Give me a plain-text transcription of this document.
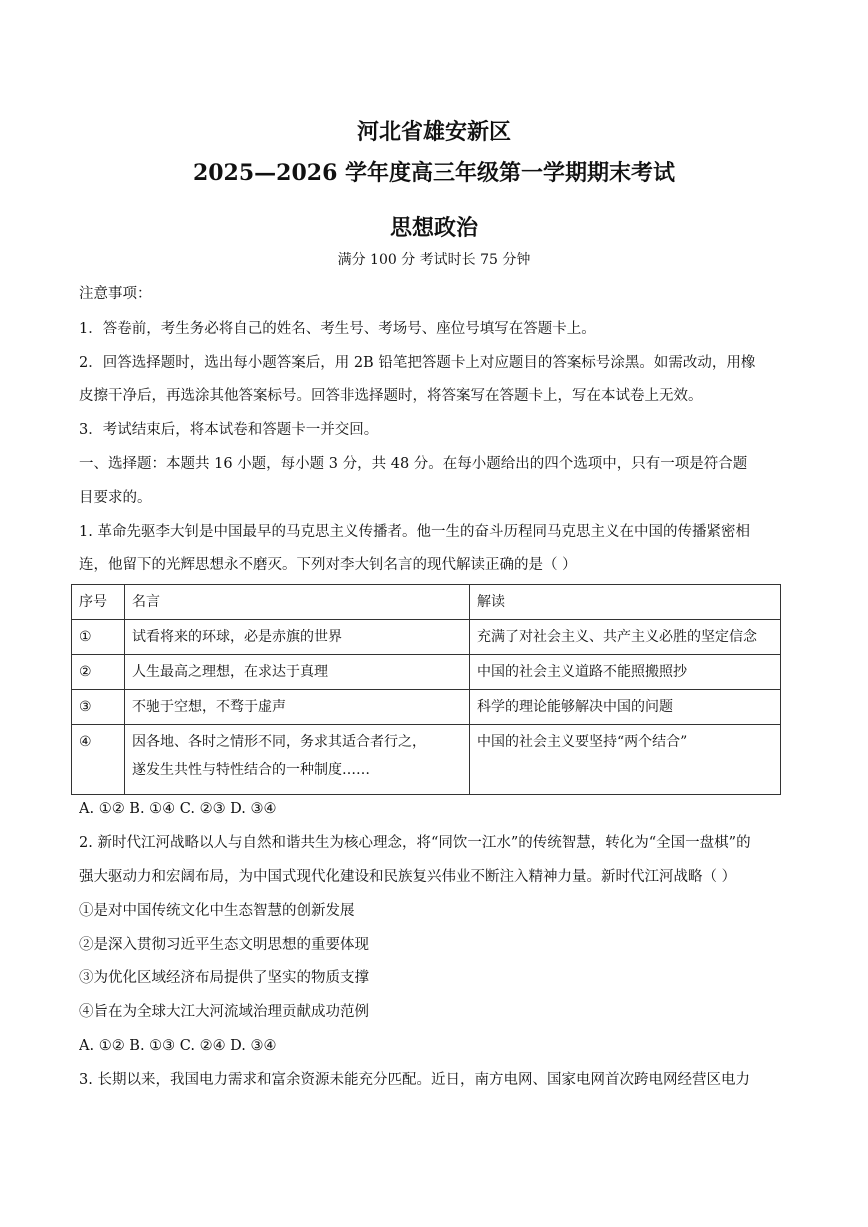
河北省雄安新区
2025—2026 学年度高三年级第一学期期末考试
思想政治
满分 100 分 考试时长 75 分钟
注意事项：
1．答卷前，考生务必将自己的姓名、考生号、考场号、座位号填写在答题卡上。
2．回答选择题时，选出每小题答案后，用 2B 铅笔把答题卡上对应题目的答案标号涂黑。如需改动，用橡
皮擦干净后，再选涂其他答案标号。回答非选择题时，将答案写在答题卡上，写在本试卷上无效。
3．考试结束后，将本试卷和答题卡一并交回。
一、选择题：本题共 16 小题，每小题 3 分，共 48 分。在每小题给出的四个选项中，只有一项是符合题
目要求的。
1. 革命先驱李大钊是中国最早的马克思主义传播者。他一生的奋斗历程同马克思主义在中国的传播紧密相
连，他留下的光辉思想永不磨灭。下列对李大钊名言的现代解读正确的是（ ）
序号	名言	解读
①	试看将来的环球，必是赤旗的世界	充满了对社会主义、共产主义必胜的坚定信念
②	人生最高之理想，在求达于真理	中国的社会主义道路不能照搬照抄
③	不驰于空想，不骛于虚声	科学的理论能够解决中国的问题
④	因各地、各时之情形不同，务求其适合者行之，
遂发生共性与特性结合的一种制度……	中国的社会主义要坚持“两个结合”
A. ①② B. ①④ C. ②③ D. ③④
2. 新时代江河战略以人与自然和谐共生为核心理念，将“同饮一江水”的传统智慧，转化为“全国一盘棋”的
强大驱动力和宏阔布局，为中国式现代化建设和民族复兴伟业不断注入精神力量。新时代江河战略（ ）
①是对中国传统文化中生态智慧的创新发展
②是深入贯彻习近平生态文明思想的重要体现
③为优化区域经济布局提供了坚实的物质支撑
④旨在为全球大江大河流域治理贡献成功范例
A. ①② B. ①③ C. ②④ D. ③④
3. 长期以来，我国电力需求和富余资源未能充分匹配。近日，南方电网、国家电网首次跨电网经营区电力
